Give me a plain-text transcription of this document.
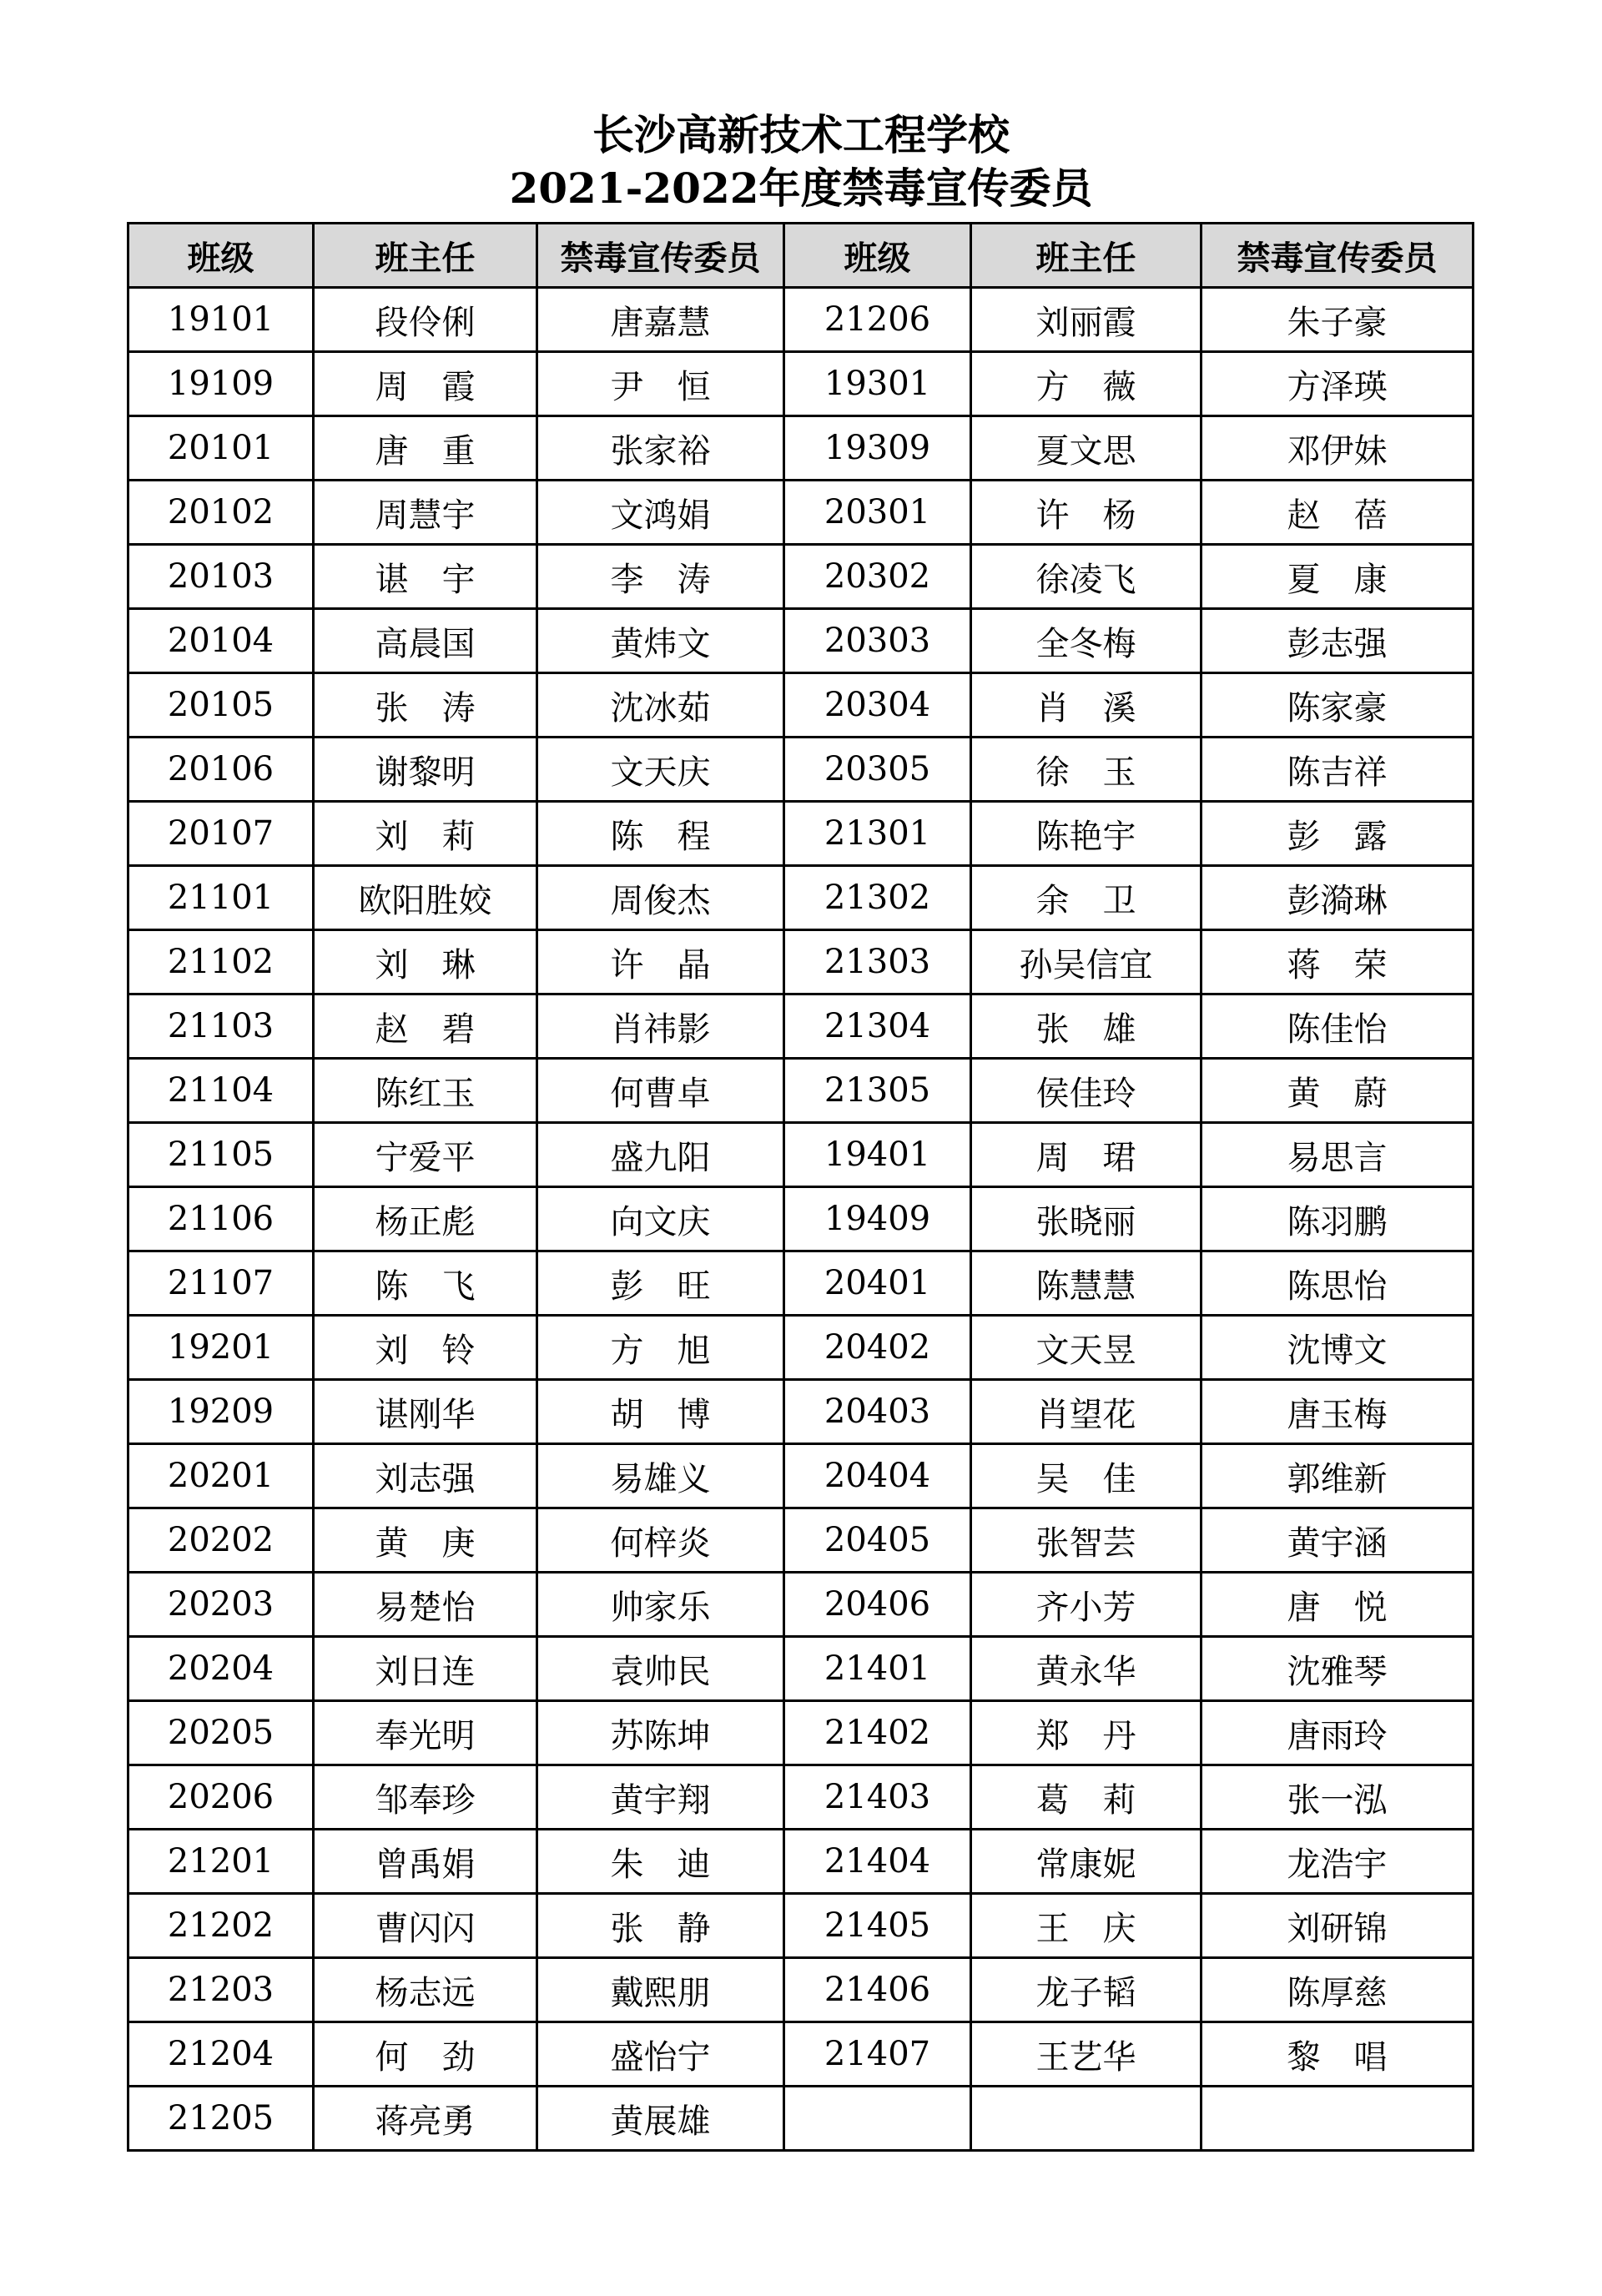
长沙高新技术工程学校
2021-2022年度禁毒宣传委员
班级	班主任	禁毒宣传委员	班级	班主任	禁毒宣传委员
19101	段伶俐	唐嘉慧	21206	刘丽霞	朱子豪
19109	周　霞	尹　恒	19301	方　薇	方泽瑛
20101	唐　重	张家裕	19309	夏文思	邓伊妹
20102	周慧宇	文鸿娟	20301	许　杨	赵　蓓
20103	谌　宇	李　涛	20302	徐凌飞	夏　康
20104	高晨国	黄炜文	20303	全冬梅	彭志强
20105	张　涛	沈冰茹	20304	肖　溪	陈家豪
20106	谢黎明	文天庆	20305	徐　玉	陈吉祥
20107	刘　莉	陈　程	21301	陈艳宇	彭　露
21101	欧阳胜姣	周俊杰	21302	余　卫	彭漪琳
21102	刘　琳	许　晶	21303	孙吴信宜	蒋　荣
21103	赵　碧	肖祎影	21304	张　雄	陈佳怡
21104	陈红玉	何曹卓	21305	侯佳玲	黄　蔚
21105	宁爱平	盛九阳	19401	周　珺	易思言
21106	杨正彪	向文庆	19409	张晓丽	陈羽鹏
21107	陈　飞	彭　旺	20401	陈慧慧	陈思怡
19201	刘　铃	方　旭	20402	文天昱	沈博文
19209	谌刚华	胡　博	20403	肖望花	唐玉梅
20201	刘志强	易雄义	20404	吴　佳	郭维新
20202	黄　庚	何梓炎	20405	张智芸	黄宇涵
20203	易楚怡	帅家乐	20406	齐小芳	唐　悦
20204	刘日连	袁帅民	21401	黄永华	沈雅琴
20205	奉光明	苏陈坤	21402	郑　丹	唐雨玲
20206	邹奉珍	黄宇翔	21403	葛　莉	张一泓
21201	曾禹娟	朱　迪	21404	常康妮	龙浩宇
21202	曹闪闪	张　静	21405	王　庆	刘研锦
21203	杨志远	戴熙朋	21406	龙子韬	陈厚慈
21204	何　劲	盛怡宁	21407	王艺华	黎　唱
21205	蒋亮勇	黄展雄			
